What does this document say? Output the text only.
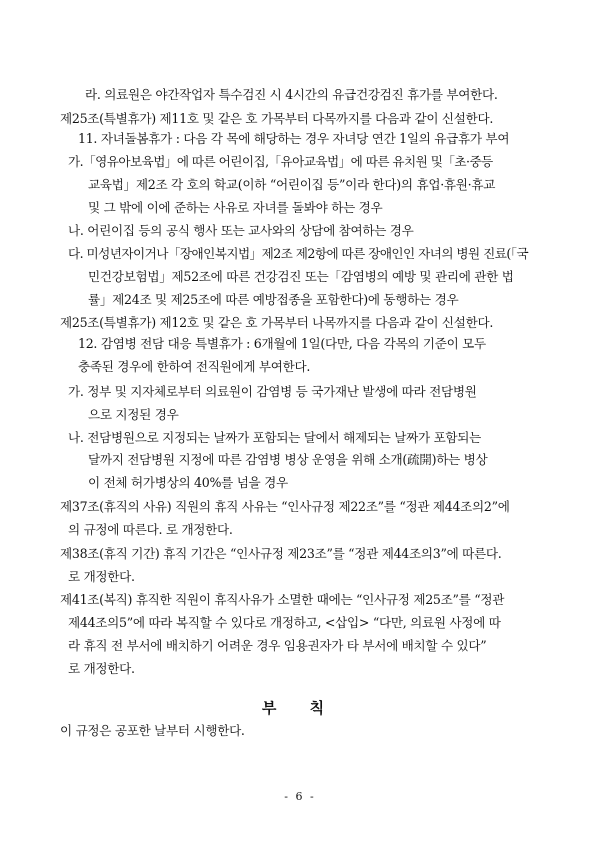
라. 의료원은 야간작업자 특수검진 시 4시간의 유급건강검진 휴가를 부여한다.
제25조(특별휴가) 제11호 및 같은 호 가목부터 다목까지를 다음과 같이 신설한다.
11. 자녀돌봄휴가 : 다음 각 목에 해당하는 경우 자녀당 연간 1일의 유급휴가 부여
가.「영유아보육법」에 따른 어린이집,「유아교육법」에 따른 유치원 및「초·중등
교육법」제2조 각 호의 학교(이하 “어린이집 등”이라 한다)의 휴업·휴원·휴교
및 그 밖에 이에 준하는 사유로 자녀를 돌봐야 하는 경우
나. 어린이집 등의 공식 행사 또는 교사와의 상담에 참여하는 경우
다. 미성년자이거나「장애인복지법」제2조 제2항에 따른 장애인인 자녀의 병원 진료(「국
민건강보험법」제52조에 따른 건강검진 또는「감염병의 예방 및 관리에 관한 법
률」제24조 및 제25조에 따른 예방접종을 포함한다)에 동행하는 경우
제25조(특별휴가) 제12호 및 같은 호 가목부터 나목까지를 다음과 같이 신설한다.
12. 감염병 전담 대응 특별휴가 : 6개월에 1일(다만, 다음 각목의 기준이 모두
충족된 경우에 한하여 전직원에게 부여한다.
가. 정부 및 지자체로부터 의료원이 감염병 등 국가재난 발생에 따라 전담병원
으로 지정된 경우
나. 전담병원으로 지정되는 날짜가 포함되는 달에서 해제되는 날짜가 포함되는
달까지 전담병원 지정에 따른 감염병 병상 운영을 위해 소개(疏開)하는 병상
이 전체 허가병상의 40%를 넘을 경우
제37조(휴직의 사유) 직원의 휴직 사유는 “인사규정 제22조”를 “정관 제44조의2”에
의 규정에 따른다. 로 개정한다.
제38조(휴직 기간) 휴직 기간은 “인사규정 제23조”를 “정관 제44조의3”에 따른다.
로 개정한다.
제41조(복직) 휴직한 직원이 휴직사유가 소멸한 때에는 “인사규정 제25조”를 “정관
제44조의5”에 따라 복직할 수 있다로 개정하고, <삽입> “다만, 의료원 사정에 따
라 휴직 전 부서에 배치하기 어려운 경우 임용권자가 타 부서에 배치할 수 있다”
로 개정한다.
부 칙
이 규정은 공포한 날부터 시행한다.
- 6 -
